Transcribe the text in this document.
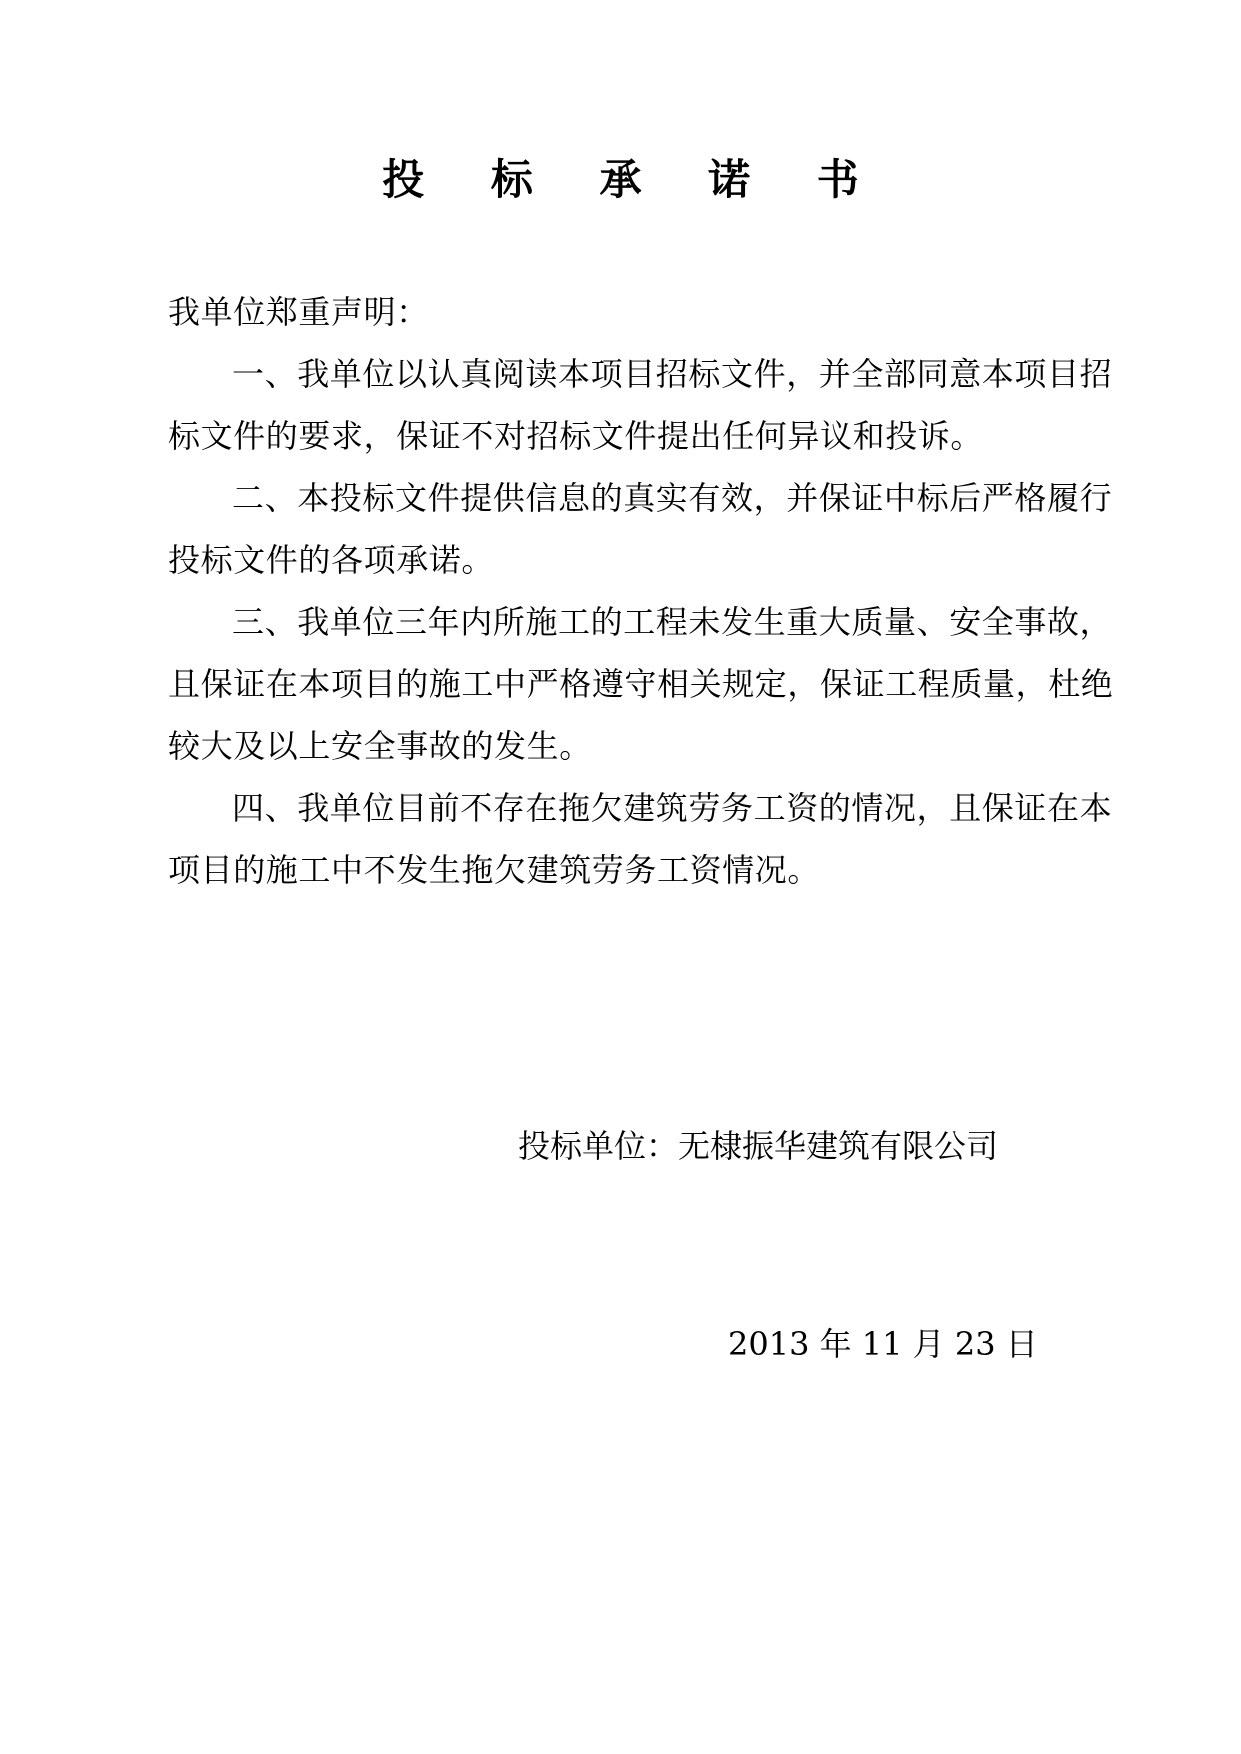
投 标 承 诺 书

我单位郑重声明：

一、我单位以认真阅读本项目招标文件，并全部同意本项目招标文件的要求，保证不对招标文件提出任何异议和投诉。

二、本投标文件提供信息的真实有效，并保证中标后严格履行投标文件的各项承诺。

三、我单位三年内所施工的工程未发生重大质量、安全事故，且保证在本项目的施工中严格遵守相关规定，保证工程质量，杜绝较大及以上安全事故的发生。

四、我单位目前不存在拖欠建筑劳务工资的情况，且保证在本项目的施工中不发生拖欠建筑劳务工资情况。

投标单位：无棣振华建筑有限公司
2013 年 11 月 23 日
